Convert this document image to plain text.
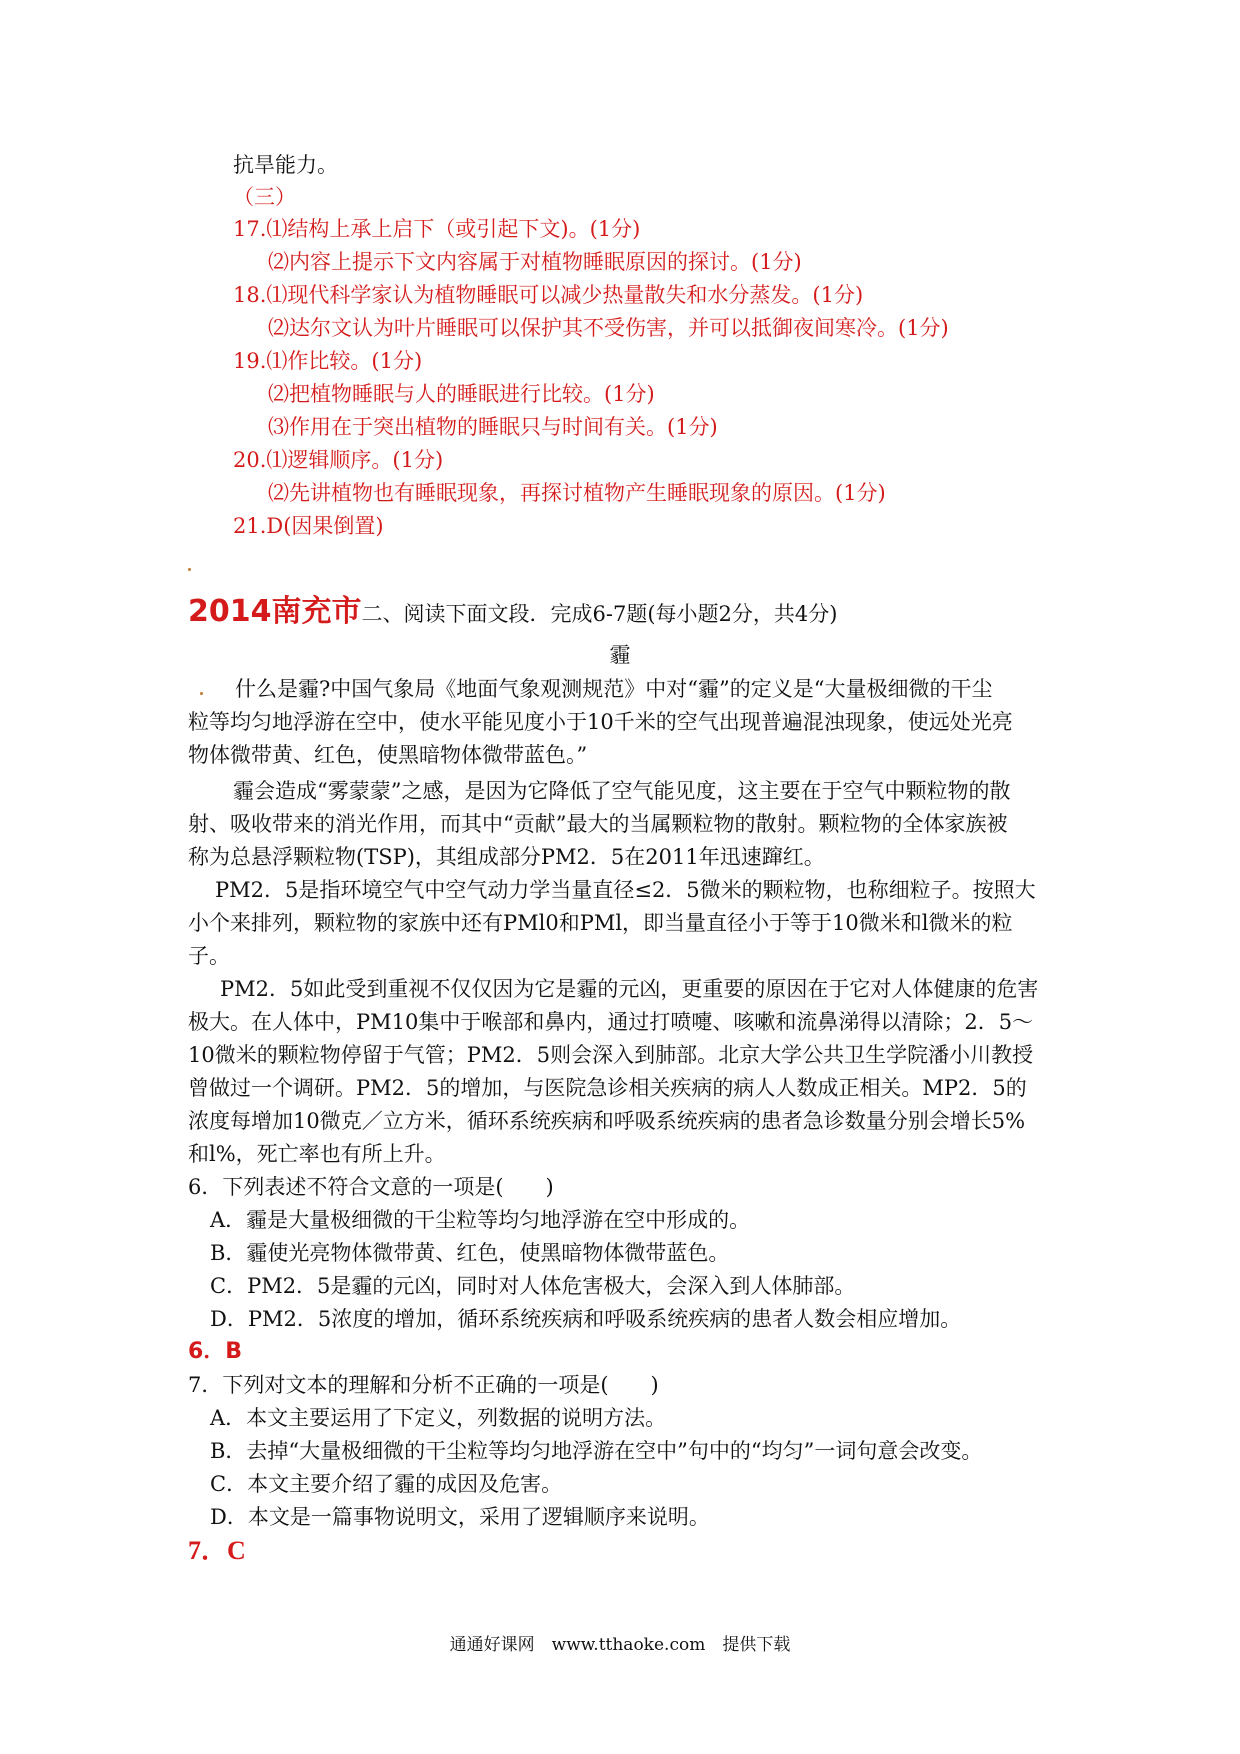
抗旱能力。
（三）
17.⑴结构上承上启下（或引起下文)。(1分)
⑵内容上提示下文内容属于对植物睡眠原因的探讨。(1分)
18.⑴现代科学家认为植物睡眠可以减少热量散失和水分蒸发。(1分)
⑵达尔文认为叶片睡眠可以保护其不受伤害，并可以抵御夜间寒冷。(1分)
19.⑴作比较。(1分)
⑵把植物睡眠与人的睡眠进行比较。(1分)
⑶作用在于突出植物的睡眠只与时间有关。(1分)
20.⑴逻辑顺序。(1分)
⑵先讲植物也有睡眠现象，再探讨植物产生睡眠现象的原因。(1分)
21.D(因果倒置)
2014南充市二、阅读下面文段．完成6-7题(每小题2分，共4分)
霾
什么是霾?中国气象局《地面气象观测规范》中对“霾”的定义是“大量极细微的干尘
粒等均匀地浮游在空中，使水平能见度小于10千米的空气出现普遍混浊现象，使远处光亮
物体微带黄、红色，使黑暗物体微带蓝色。”
霾会造成“雾蒙蒙”之感，是因为它降低了空气能见度，这主要在于空气中颗粒物的散
射、吸收带来的消光作用，而其中“贡献”最大的当属颗粒物的散射。颗粒物的全体家族被
称为总悬浮颗粒物(TSP)，其组成部分PM2．5在2011年迅速蹿红。
PM2．5是指环境空气中空气动力学当量直径≤2．5微米的颗粒物，也称细粒子。按照大
小个来排列，颗粒物的家族中还有PMl0和PMl，即当量直径小于等于10微米和l微米的粒
子。
PM2．5如此受到重视不仅仅因为它是霾的元凶，更重要的原因在于它对人体健康的危害
极大。在人体中，PM10集中于喉部和鼻内，通过打喷嚏、咳嗽和流鼻涕得以清除；2．5～
10微米的颗粒物停留于气管；PM2．5则会深入到肺部。北京大学公共卫生学院潘小川教授
曾做过一个调研。PM2．5的增加，与医院急诊相关疾病的病人人数成正相关。MP2．5的
浓度每增加10微克／立方米，循环系统疾病和呼吸系统疾病的患者急诊数量分别会增长5%
和l%，死亡率也有所上升。
6．下列表述不符合文意的一项是(　　)
A．霾是大量极细微的干尘粒等均匀地浮游在空中形成的。
B．霾使光亮物体微带黄、红色，使黑暗物体微带蓝色。
C．PM2．5是霾的元凶，同时对人体危害极大，会深入到人体肺部。
D．PM2．5浓度的增加，循环系统疾病和呼吸系统疾病的患者人数会相应增加。
6．B
7．下列对文本的理解和分析不正确的一项是(　　)
A．本文主要运用了下定义，列数据的说明方法。
B．去掉“大量极细微的干尘粒等均匀地浮游在空中”句中的“均匀”一词句意会改变。
C．本文主要介绍了霾的成因及危害。
D．本文是一篇事物说明文，采用了逻辑顺序来说明。
7．C
通通好课网　www.tthaoke.com　提供下载
